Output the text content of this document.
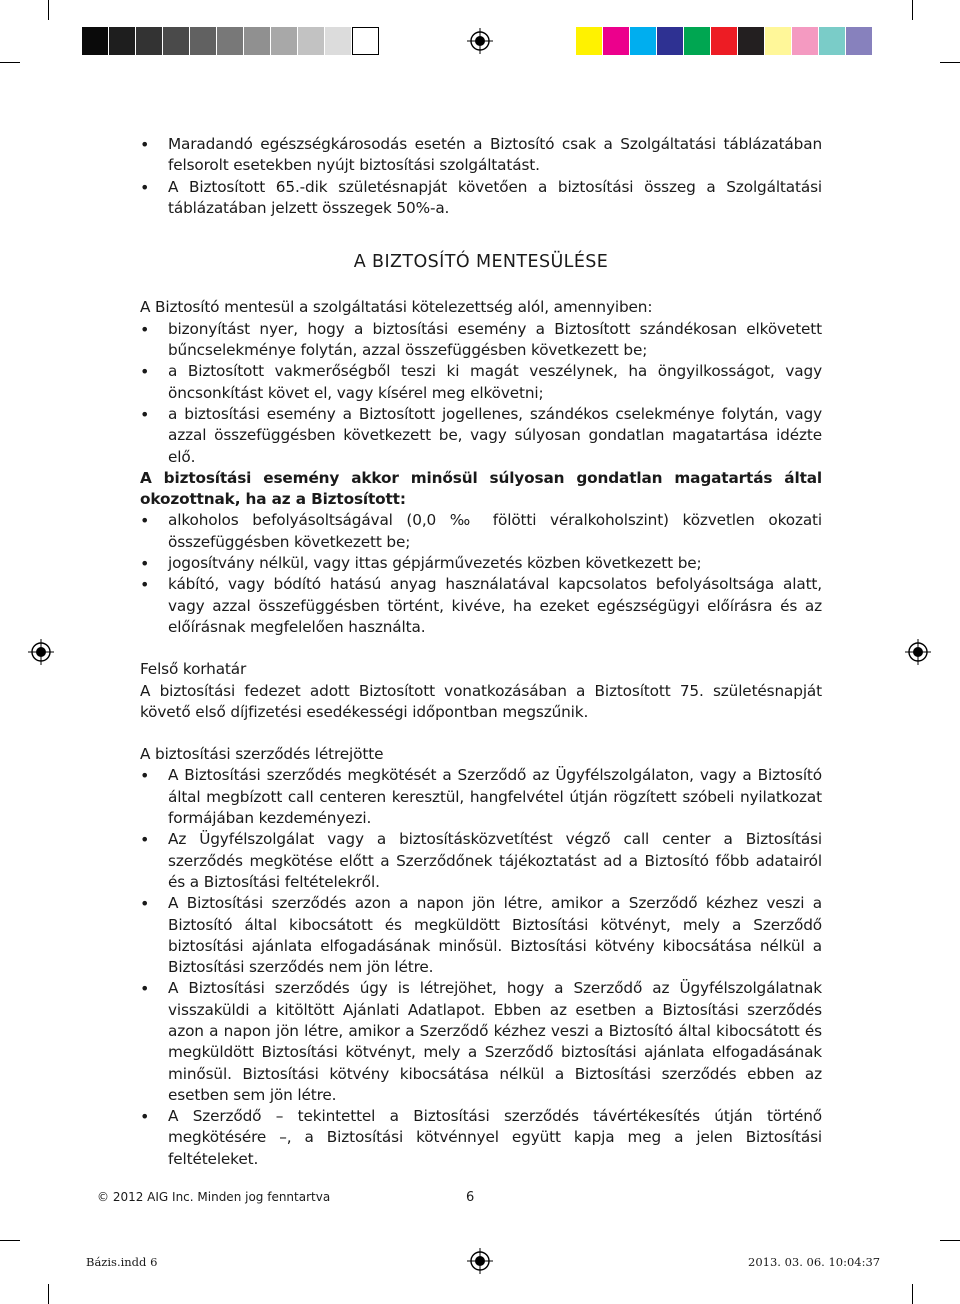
• Maradandó egészségkárosodás esetén a Biztosító csak a Szolgáltatási táblázatában felsorolt esetekben nyújt biztosítási szolgáltatást.
• A Biztosított 65.-dik születésnapját követően a biztosítási összeg a Szolgáltatási táblázatában jelzett összegek 50%-a.
A BIZTOSÍTÓ MENTESÜLÉSE

A Biztosító mentesül a szolgáltatási kötelezettség alól, amennyiben:

• bizonyítást nyer, hogy a biztosítási esemény a Biztosított szándékosan elkövetett bűncselekménye folytán, azzal összefüggésben következett be;
• a Biztosított vakmerőségből teszi ki magát veszélynek, ha öngyilkosságot, vagy öncsonkítást követ el, vagy kísérel meg elkövetni;
• a biztosítási esemény a Biztosított jogellenes, szándékos cselekménye folytán, vagy azzal összefüggésben következett be, vagy súlyosan gondatlan magatartása idézte elő.

A biztosítási esemény akkor minősül súlyosan gondatlan magatartás által okozottnak, ha az a Biztosított:

• alkoholos befolyásoltságával (0,0 ‰ fölötti véralkoholszint) közvetlen okozati összefüggésben következett be;
• jogosítvány nélkül, vagy ittas gépjárművezetés közben következett be;
• kábító, vagy bódító hatású anyag használatával kapcsolatos befolyásoltsága alatt, vagy azzal összefüggésben történt, kivéve, ha ezeket egészségügyi előírásra és az előírásnak megfelelően használta.

Felső korhatár

A biztosítási fedezet adott Biztosított vonatkozásában a Biztosított 75. születésnapját követő első díjfizetési esedékességi időpontban megszűnik.

A biztosítási szerződés létrejötte

• A Biztosítási szerződés megkötését a Szerződő az Ügyfélszolgálaton, vagy a Biztosító által megbízott call centeren keresztül, hangfelvétel útján rögzített szóbeli nyilatkozat formájában kezdeményezi.
• Az Ügyfélszolgálat vagy a biztosításközvetítést végző call center a Biztosítási szerződés megkötése előtt a Szerződőnek tájékoztatást ad a Biztosító főbb adatairól és a Biztosítási feltételekről.
• A Biztosítási szerződés azon a napon jön létre, amikor a Szerződő kézhez veszi a Biztosító által kibocsátott és megküldött Biztosítási kötvényt, mely a Szerződő biztosítási ajánlata elfogadásának minősül. Biztosítási kötvény kibocsátása nélkül a Biztosítási szerződés nem jön létre.
• A Biztosítási szerződés úgy is létrejöhet, hogy a Szerződő az Ügyfélszolgálatnak visszaküldi a kitöltött Ajánlati Adatlapot. Ebben az esetben a Biztosítási szerződés azon a napon jön létre, amikor a Szerződő kézhez veszi a Biztosító által kibocsátott és megküldött Biztosítási kötvényt, mely a Szerződő biztosítási ajánlata elfogadásának minősül. Biztosítási kötvény kibocsátása nélkül a Biztosítási szerződés ebben az esetben sem jön létre.
• A Szerződő – tekintettel a Biztosítási szerződés távértékesítés útján történő megkötésére –, a Biztosítási kötvénnyel együtt kapja meg a jelen Biztosítási feltételeket.
© 2012 AIG Inc. Minden jog fenntartva	6
Bázis.indd 6	2013. 03. 06. 10:04:37
